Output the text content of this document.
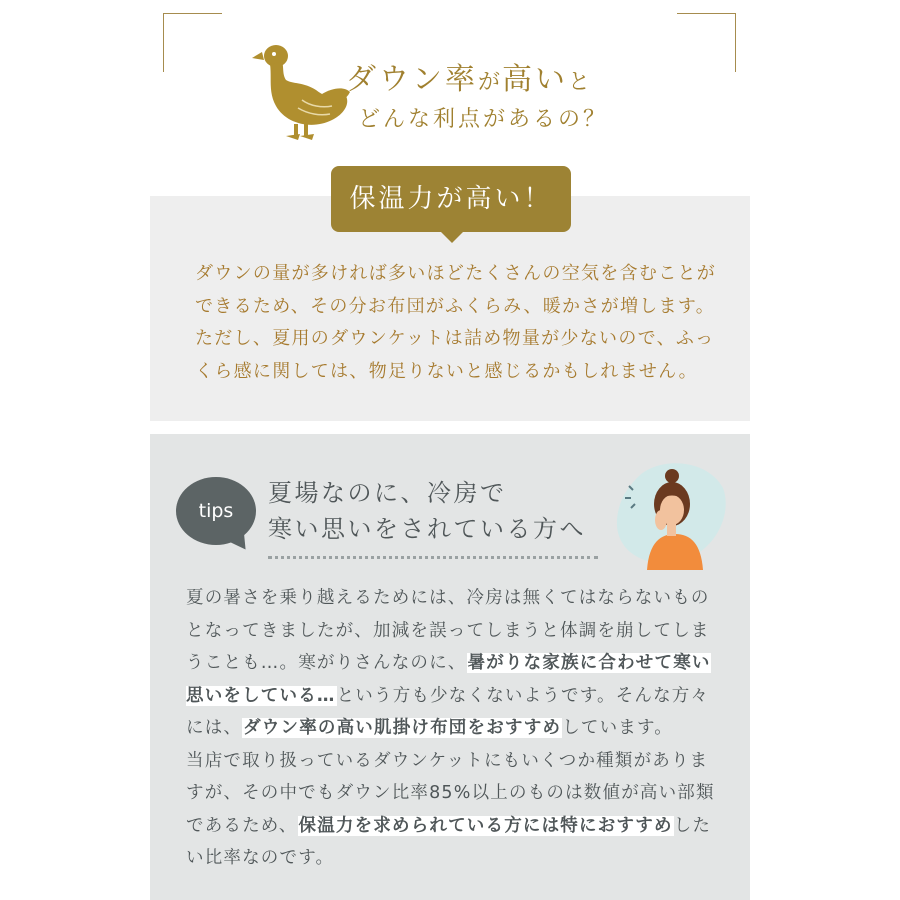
ダウン率が高いと
どんな利点があるの？
保温力が高い！

ダウンの量が多ければ多いほどたくさんの空気を含むことができるため、その分お布団がふくらみ、暖かさが増します。ただし、夏用のダウンケットは詰め物量が少ないので、ふっくら感に関しては、物足りないと感じるかもしれません。

tips
夏場なのに、冷房で
寒い思いをされている方へ

夏の暑さを乗り越えるためには、冷房は無くてはならないものとなってきましたが、加減を誤ってしまうと体調を崩してしまうことも…。寒がりさんなのに、暑がりな家族に合わせて寒い思いをしている…という方も少なくないようです。そんな方々には、ダウン率の高い肌掛け布団をおすすめしています。
当店で取り扱っているダウンケットにもいくつか種類がありますが、その中でもダウン比率85%以上のものは数値が高い部類であるため、保温力を求められている方には特におすすめしたい比率なのです。
